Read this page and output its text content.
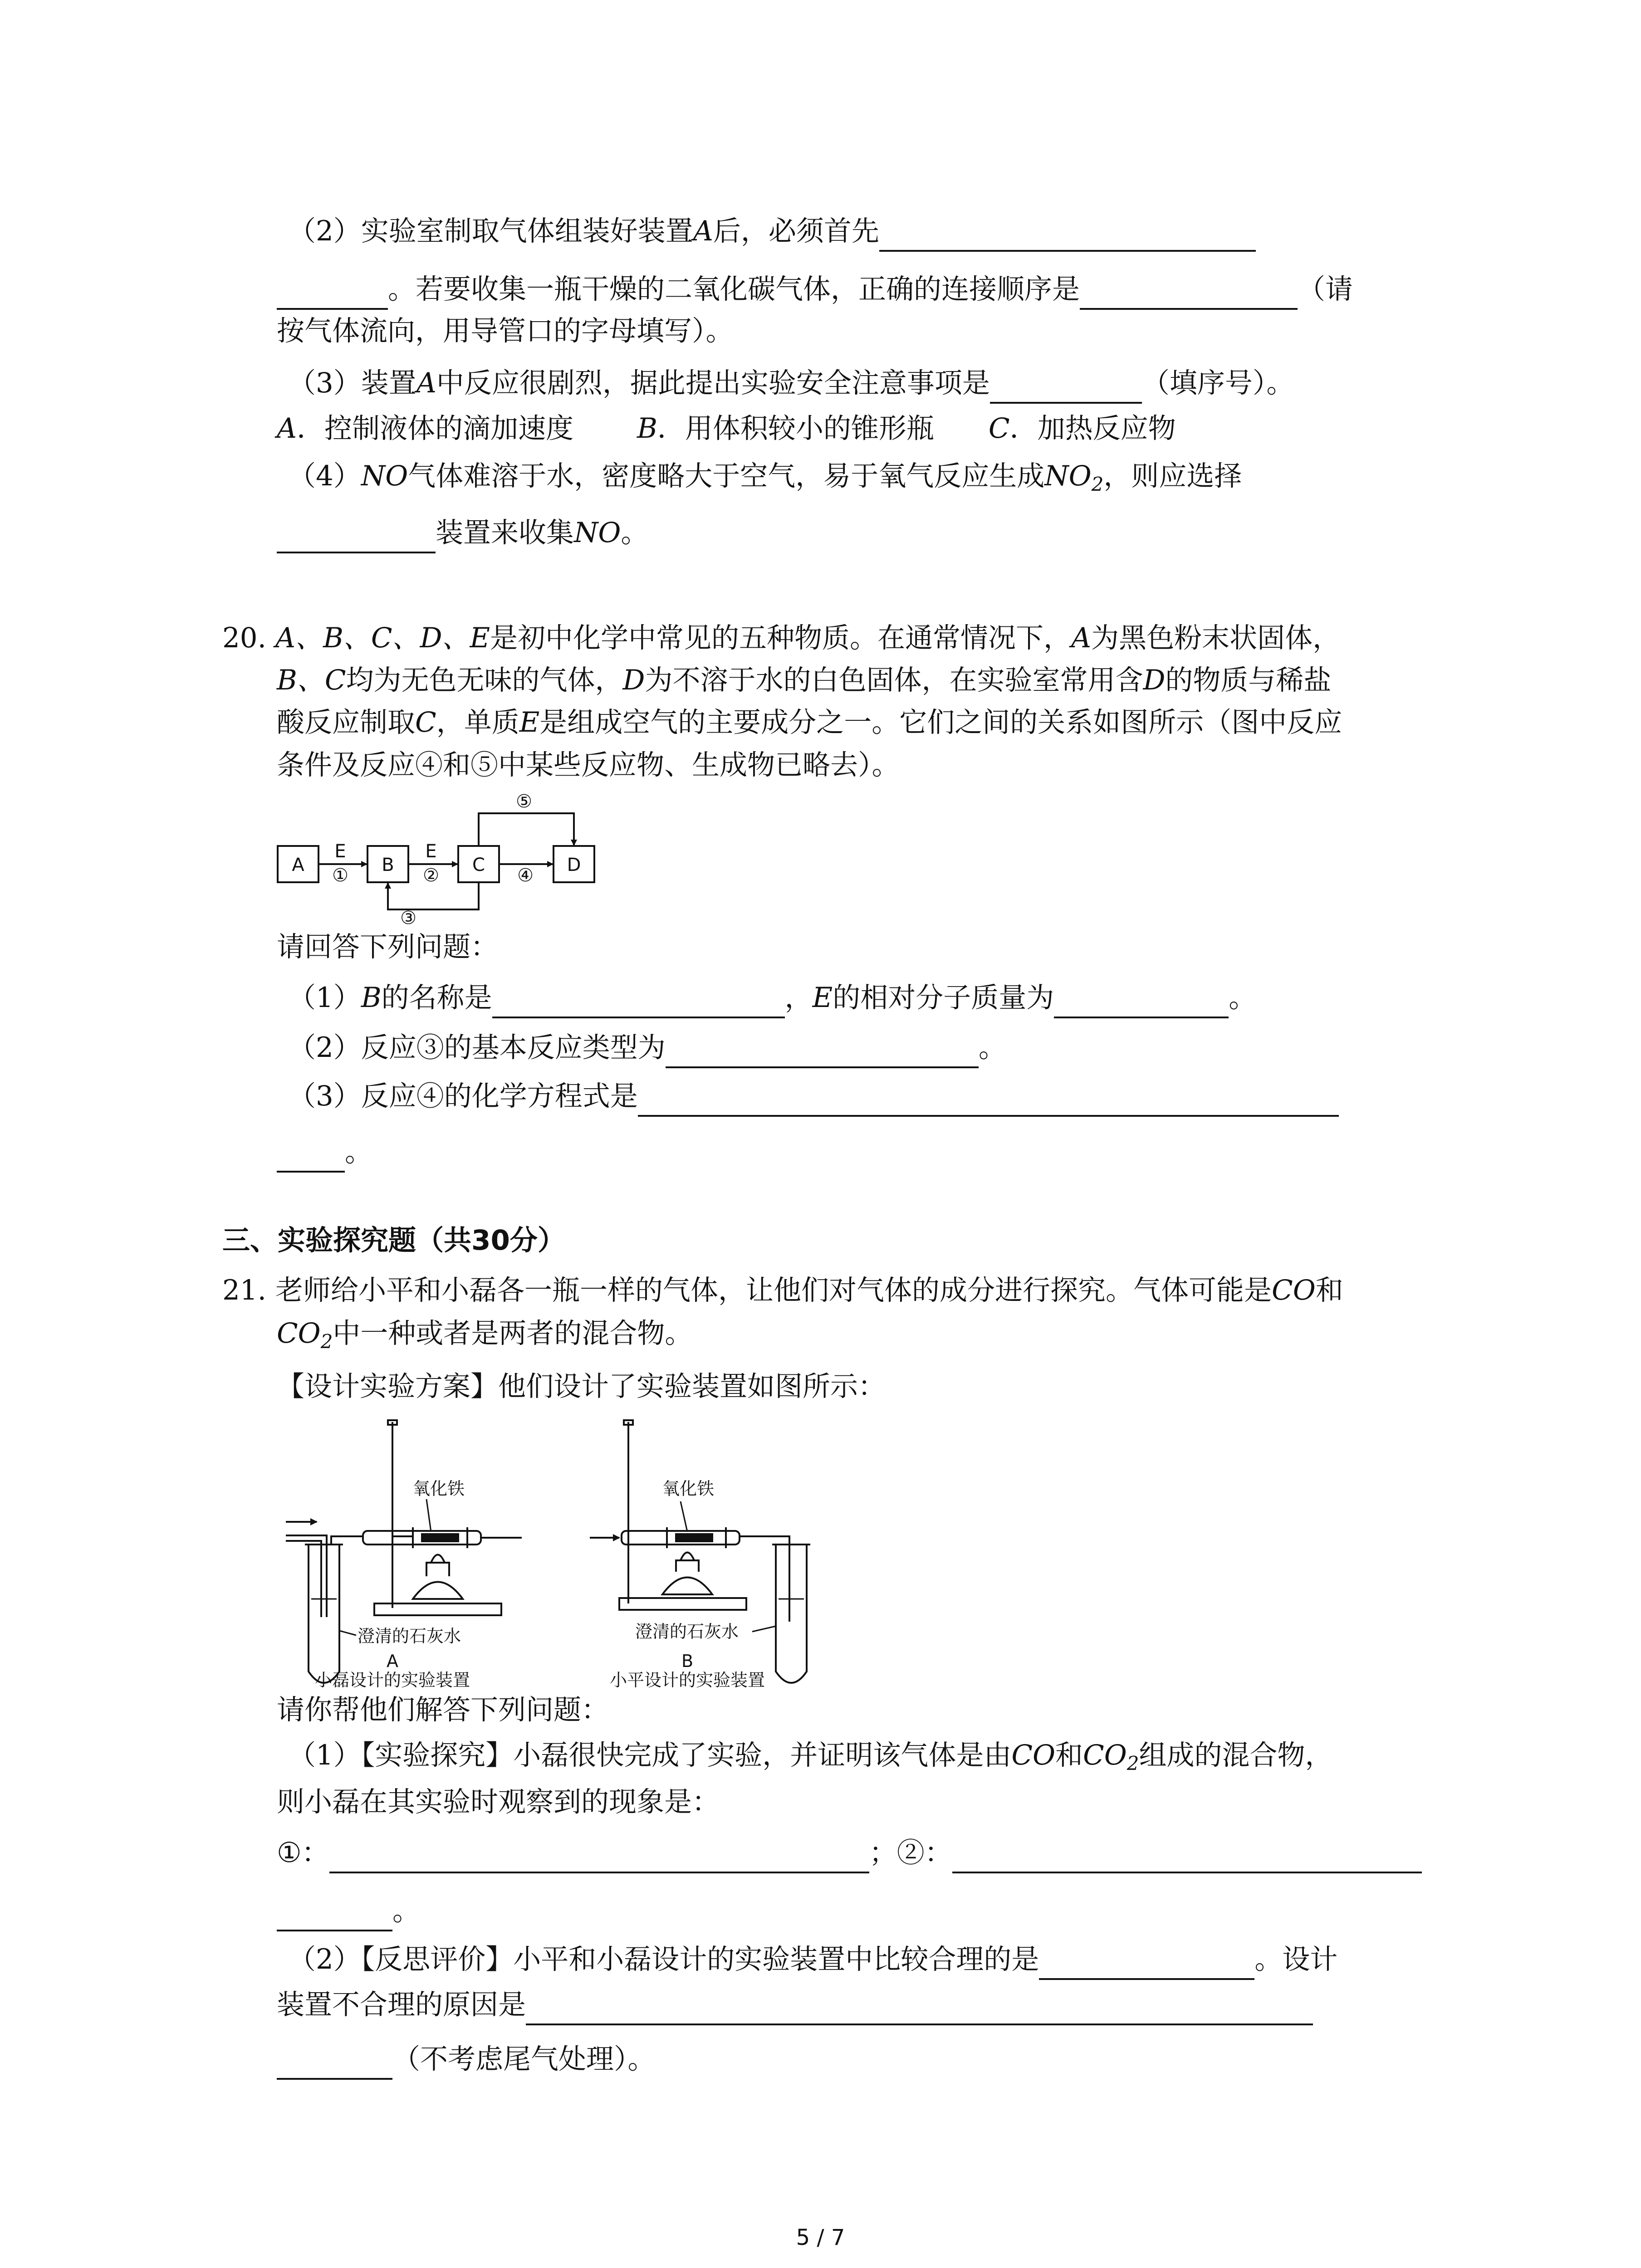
（2）实验室制取气体组装好装置A后，必须首先
。若要收集一瓶干燥的二氧化碳气体，正确的连接顺序是	（请
按气体流向，用导管口的字母填写）。
（3）装置A中反应很剧烈，据此提出实验安全注意事项是	（填序号）。
A．控制液体的滴加速度 B．用体积较小的锥形瓶 C．加热反应物
（4）NO气体难溶于水，密度略大于空气，易于氧气反应生成$NO_2$，则应选择
装置来收集NO。
20. A、B、C、D、E是初中化学中常见的五种物质。在通常情况下，A为黑色粉末状固体，
B、C均为无色无味的气体，D为不溶于水的白色固体，在实验室常用含D的物质与稀盐
酸反应制取C，单质E是组成空气的主要成分之一。它们之间的关系如图所示（图中反应
条件及反应④和⑤中某些反应物、生成物已略去）。
A	B	C	D
E
①
E
②	④
⑤
③
请回答下列问题：
（1）B的名称是	，E的相对分子质量为	。
（2）反应③的基本反应类型为	。
（3）反应④的化学方程式是
。
三、实验探究题（共30分）
21. 老师给小平和小磊各一瓶一样的气体，让他们对气体的成分进行探究。气体可能是CO和
$CO_2$中一种或者是两者的混合物。
【设计实验方案】他们设计了实验装置如图所示：
氧化铁
澄清的石灰水
A
小磊设计的实验装置
氧化铁
澄清的石灰水
B
小平设计的实验装置
请你帮他们解答下列问题：
（1）【实验探究】小磊很快完成了实验，并证明该气体是由CO和$CO_2$组成的混合物，
则小磊在其实验时观察到的现象是：
①：	；②：
。
（2）【反思评价】小平和小磊设计的实验装置中比较合理的是	。设计
装置不合理的原因是
（不考虑尾气处理）。
5 / 7
